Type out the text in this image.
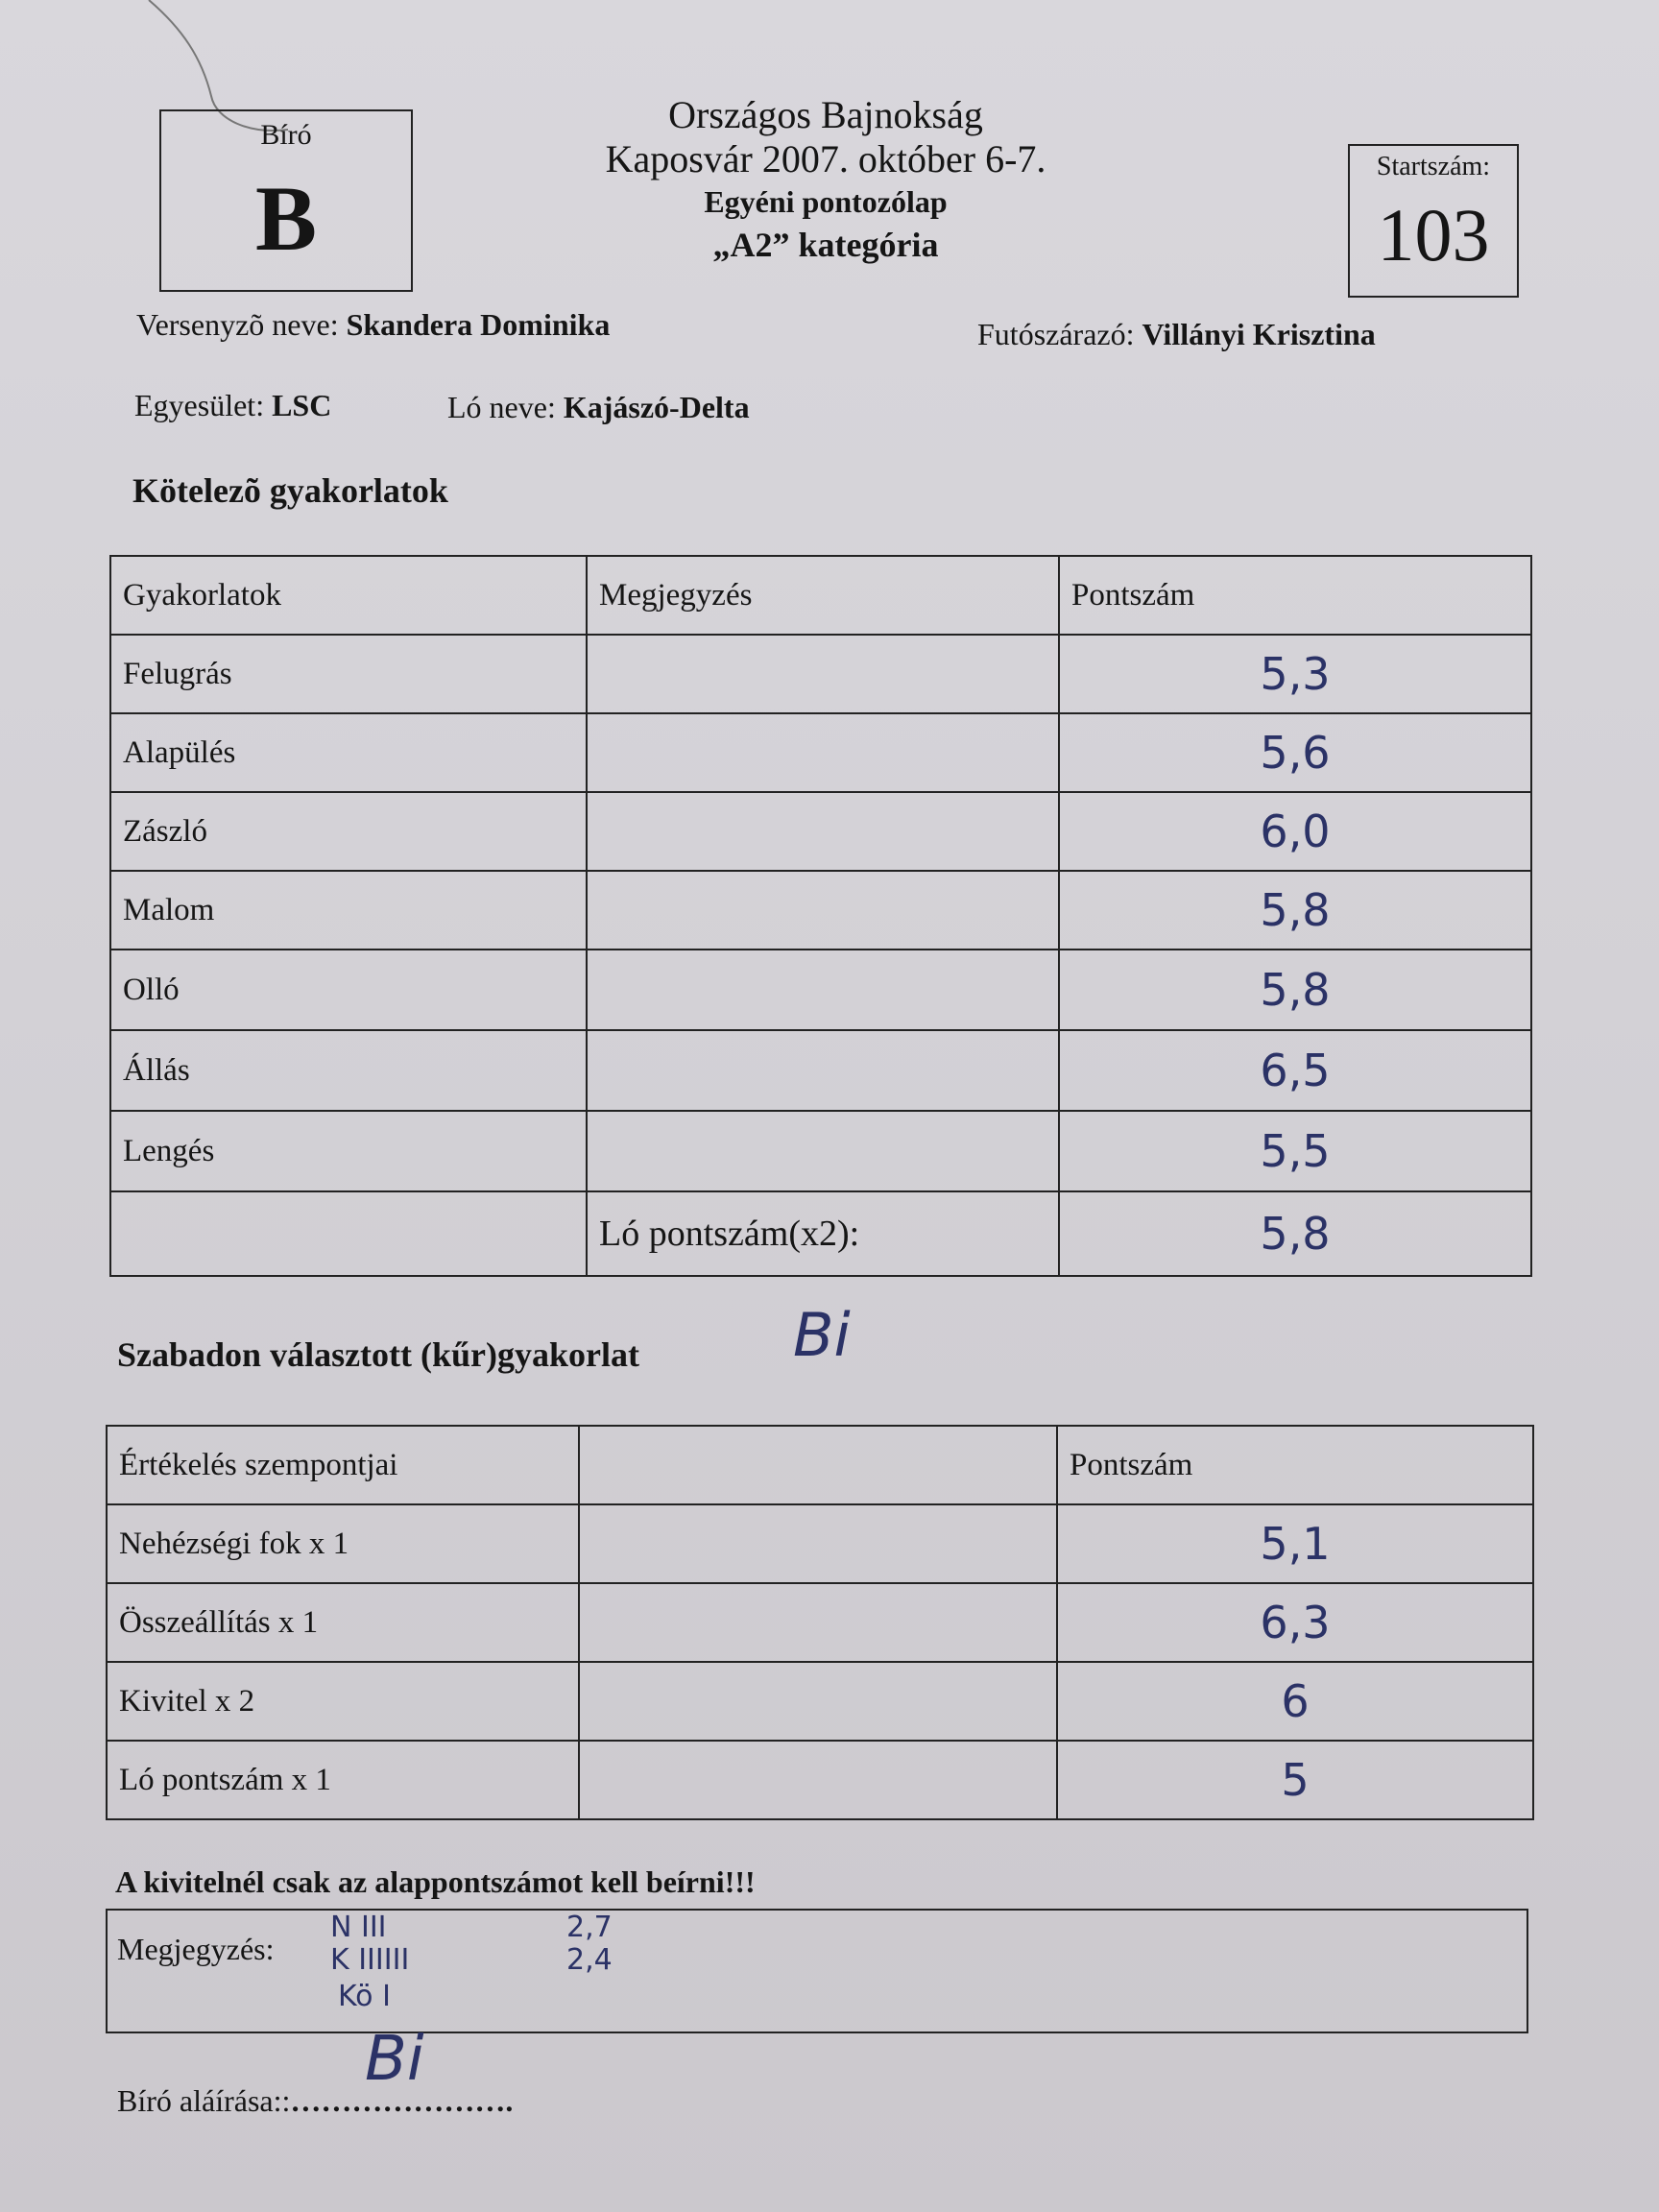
Bíró
B
Országos Bajnokság
Kaposvár 2007. október 6-7.
Egyéni pontozólap
„A2” kategória
Startszám:
103
Versenyzõ neve: Skandera Dominika	Futószárazó: Villányi Krisztina
Egyesület: LSC	Ló neve: Kajászó-Delta
Kötelezõ gyakorlatok
Gyakorlatok	Megjegyzés	Pontszám
Felugrás		5,3
Alapülés		5,6
Zászló		6,0
Malom		5,8
Olló		5,8
Állás		6,5
Lengés		5,5
	Ló pontszám(x2):	5,8
Szabadon választott (kűr)gyakorlat	Bi
Értékelés szempontjai		Pontszám
Nehézségi fok x 1		5,1
Összeállítás x 1		6,3
Kivitel x 2		6
Ló pontszám x 1		5
A kivitelnél csak az alappontszámot kell beírni!!!
Megjegyzés:
N III
K IIIIII
Kö I
2,7
2,4
Bíró aláírása::………………….
Bi
